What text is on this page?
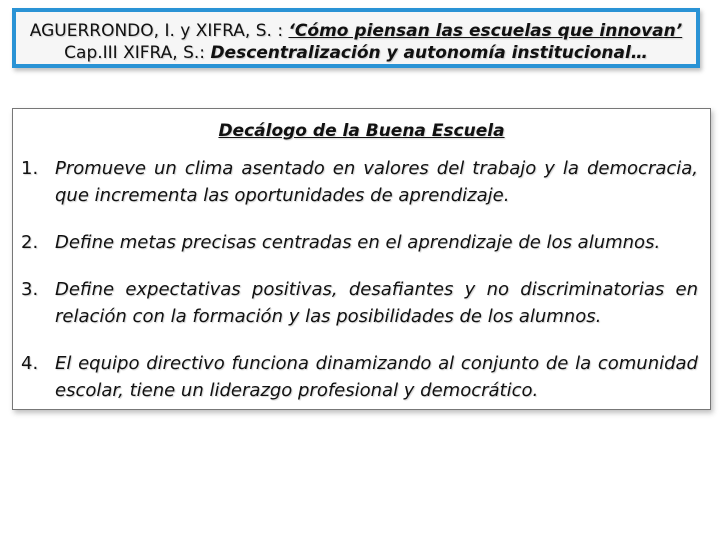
AGUERRONDO, I. y XIFRA, S. : ‘Cómo piensan las escuelas que innovan’
Cap.III XIFRA, S.: Descentralización y autonomía institucional…
Decálogo de la Buena Escuela
1. Promueve un clima asentado en valores del trabajo y la democracia, que incrementa las oportunidades de aprendizaje.
2. Define metas precisas centradas en el aprendizaje de los alumnos.
3. Define expectativas positivas, desafiantes y no discriminatorias en relación con la formación y las posibilidades de los alumnos.
4. El equipo directivo funciona dinamizando al conjunto de la comunidad escolar, tiene un liderazgo profesional y democrático.
